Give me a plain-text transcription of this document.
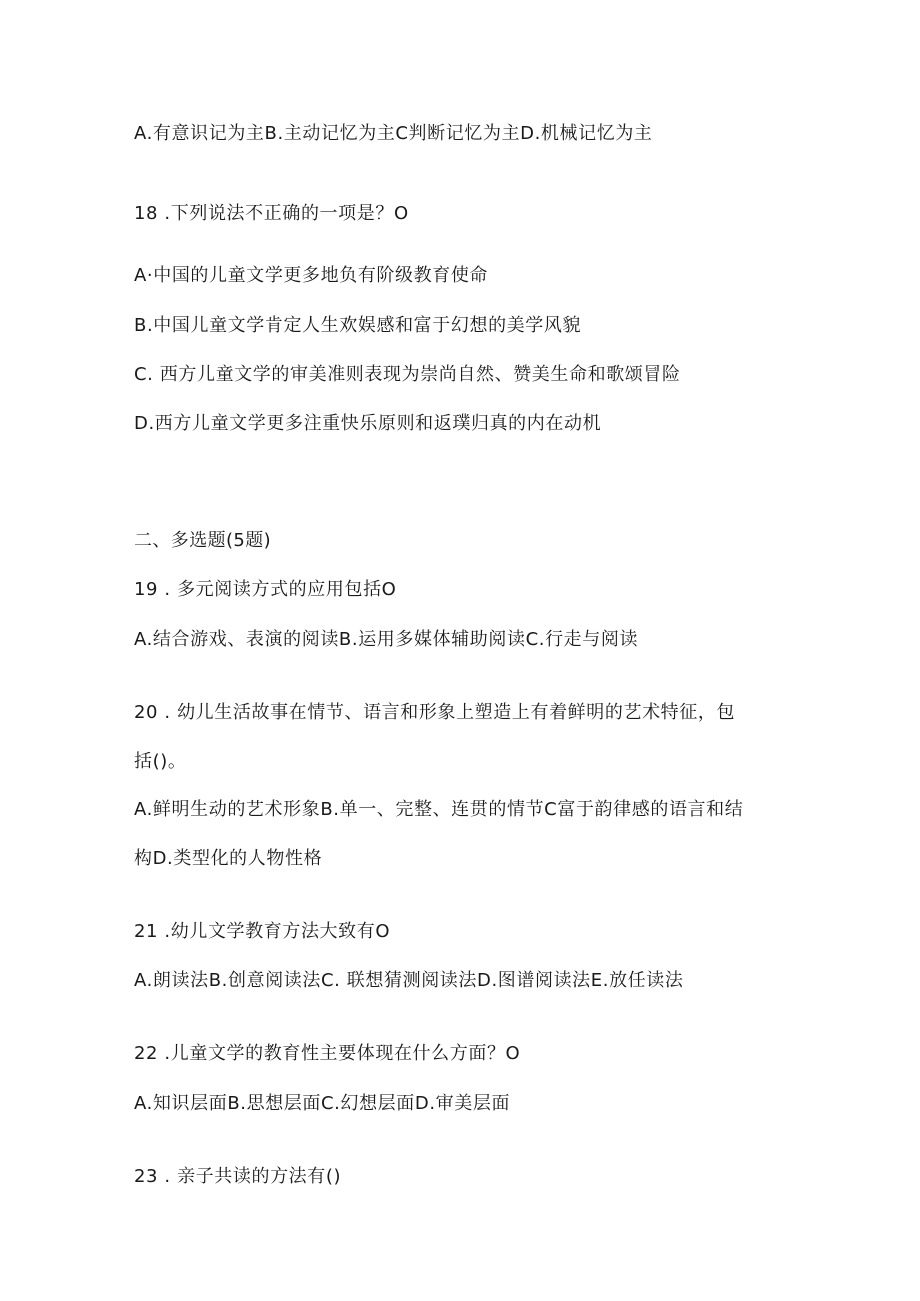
A.有意识记为主B.主动记忆为主C判断记忆为主D.机械记忆为主
18 .下列说法不正确的一项是？O
A·中国的儿童文学更多地负有阶级教育使命
B.中国儿童文学肯定人生欢娱感和富于幻想的美学风貌
C. 西方儿童文学的审美准则表现为崇尚自然、赞美生命和歌颂冒险
D.西方儿童文学更多注重快乐原则和返璞归真的内在动机
二、多选题(5题)
19 . 多元阅读方式的应用包括O
A.结合游戏、表演的阅读B.运用多媒体辅助阅读C.行走与阅读
20 . 幼儿生活故事在情节、语言和形象上塑造上有着鲜明的艺术特征，包
括()。
A.鲜明生动的艺术形象B.单一、完整、连贯的情节C富于韵律感的语言和结
构D.类型化的人物性格
21 .幼儿文学教育方法大致有O
A.朗读法B.创意阅读法C. 联想猜测阅读法D.图谱阅读法E.放任读法
22 .儿童文学的教育性主要体现在什么方面？O
A.知识层面B.思想层面C.幻想层面D.审美层面
23 . 亲子共读的方法有()
